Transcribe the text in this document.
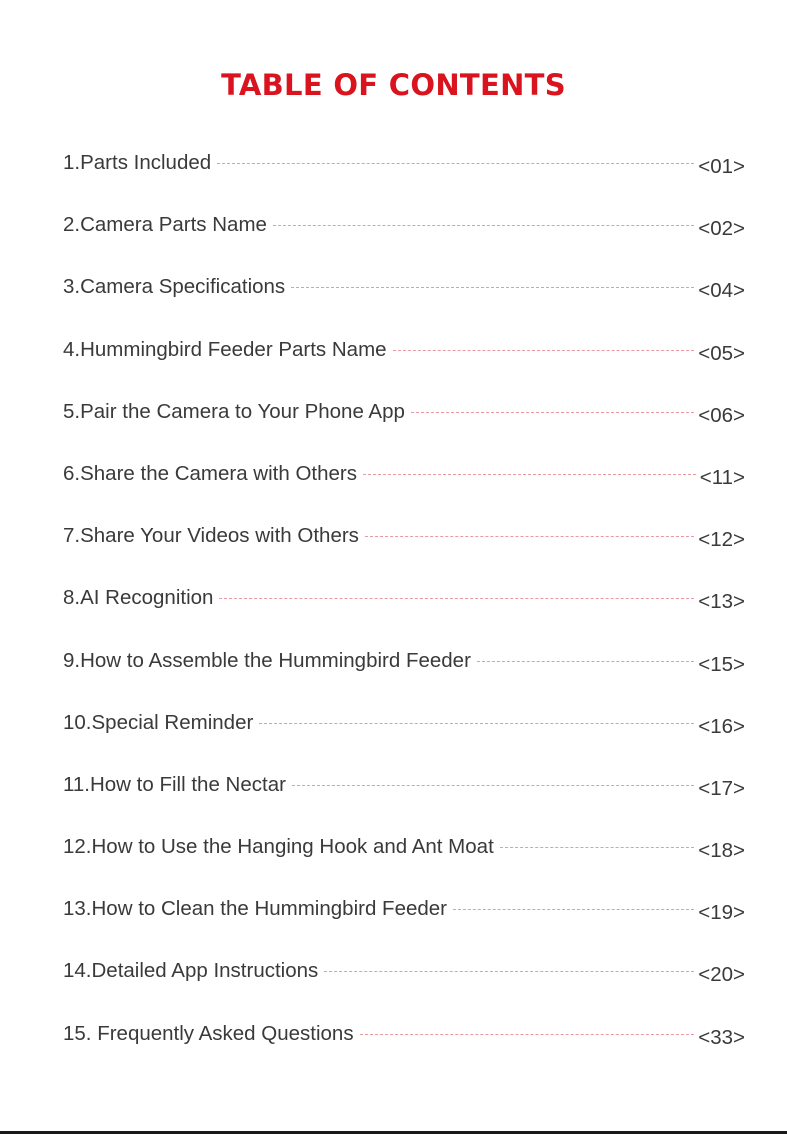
TABLE OF CONTENTS
1.Parts Included	<01>
2.Camera Parts Name	<02>
3.Camera Specifications	<04>
4.Hummingbird Feeder Parts Name	<05>
5.Pair the Camera to Your Phone App	<06>
6.Share the Camera with Others	<11>
7.Share Your Videos with Others	<12>
8.AI Recognition	<13>
9.How to Assemble the Hummingbird Feeder	<15>
10.Special Reminder	<16>
11.How to Fill the Nectar	<17>
12.How to Use the Hanging Hook and Ant Moat	<18>
13.How to Clean the Hummingbird Feeder	<19>
14.Detailed App Instructions	<20>
15. Frequently Asked Questions	<33>
